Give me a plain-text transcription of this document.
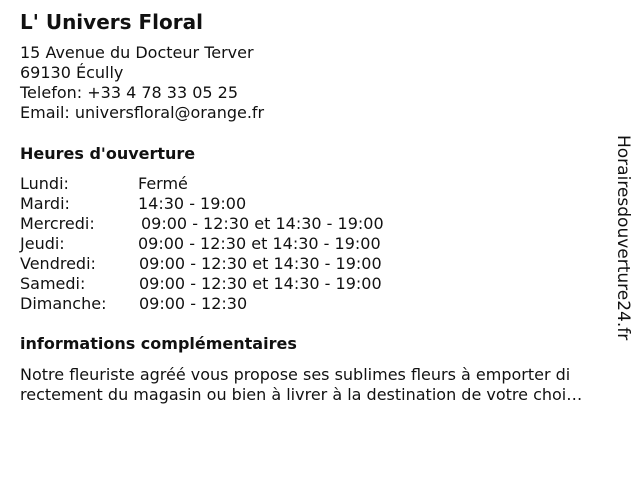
L' Univers Floral
15 Avenue du Docteur Terver
69130 Écully
Telefon: +33 4 78 33 05 25
Email: universfloral@orange.fr
Heures d'ouverture
Lundi:	Fermé
Mardi:	14:30 - 19:00
Mercredi:	09:00 - 12:30 et 14:30 - 19:00
Jeudi:	09:00 - 12:30 et 14:30 - 19:00
Vendredi:	09:00 - 12:30 et 14:30 - 19:00
Samedi:	09:00 - 12:30 et 14:30 - 19:00
Dimanche: 09:00 - 12:30
informations complémentaires
Notre fleuriste agréé vous propose ses sublimes fleurs à emporter di
rectement du magasin ou bien à livrer à la destination de votre choi…
Horairesdouverture24.fr
